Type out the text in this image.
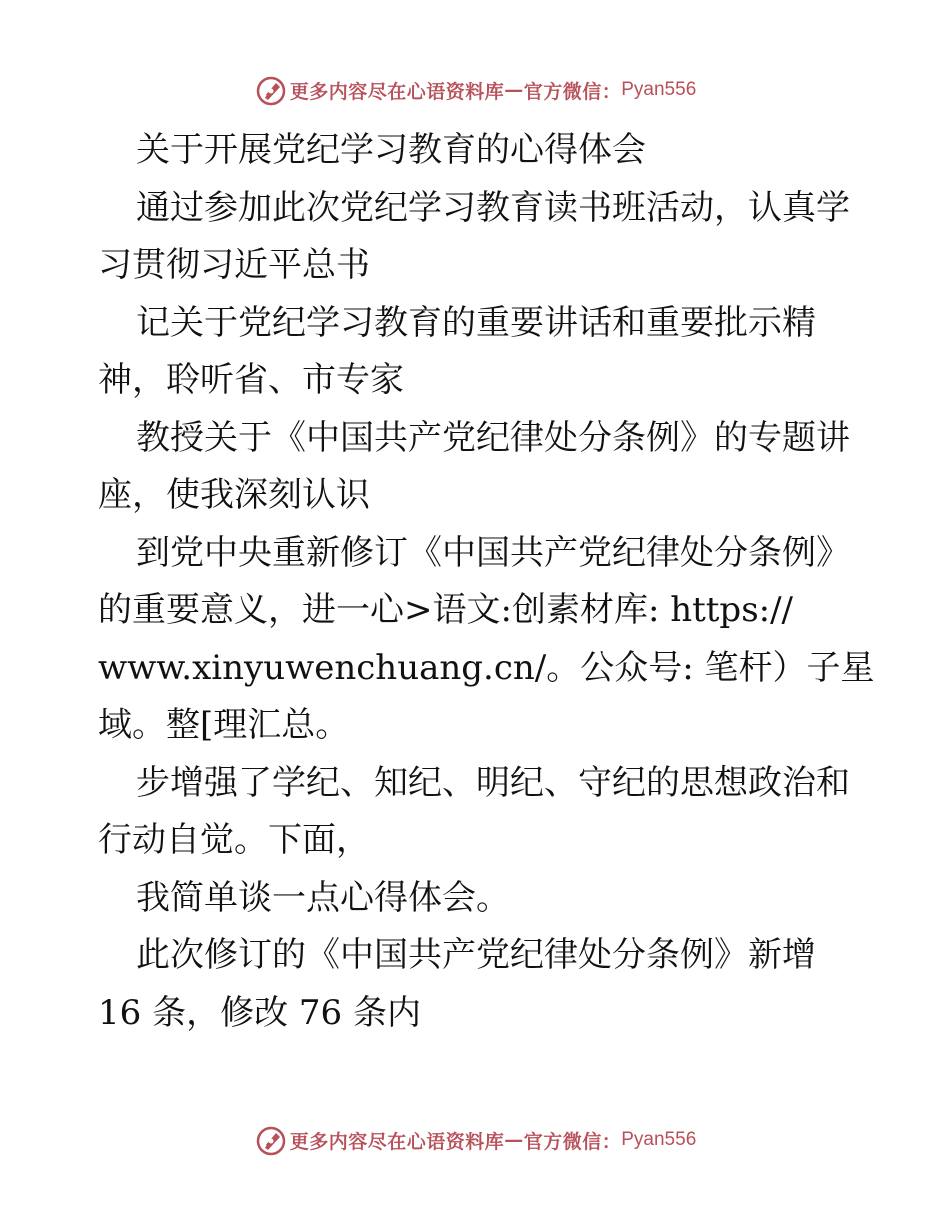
更多内容尽在心语资料库 — 官方微信： Pyan556
关于开展党纪学习教育的心得体会
通过参加此次党纪学习教育读书班活动，认真学
习贯彻习近平总书
记关于党纪学习教育的重要讲话和重要批示精
神，聆听省、市专家
教授关于《中国共产党纪律处分条例》的专题讲
座，使我深刻认识
到党中央重新修订《中国共产党纪律处分条例》
的重要意义，进一心>语文:创素材库: https://
www.xinyuwenchuang.cn/。公众号: 笔杆）子星
域。整[理汇总。
步增强了学纪、知纪、明纪、守纪的思想政治和
行动自觉。下面，
我简单谈一点心得体会。
此次修订的《中国共产党纪律处分条例》新增
16 条，修改 76 条内
更多内容尽在心语资料库 — 官方微信： Pyan556
